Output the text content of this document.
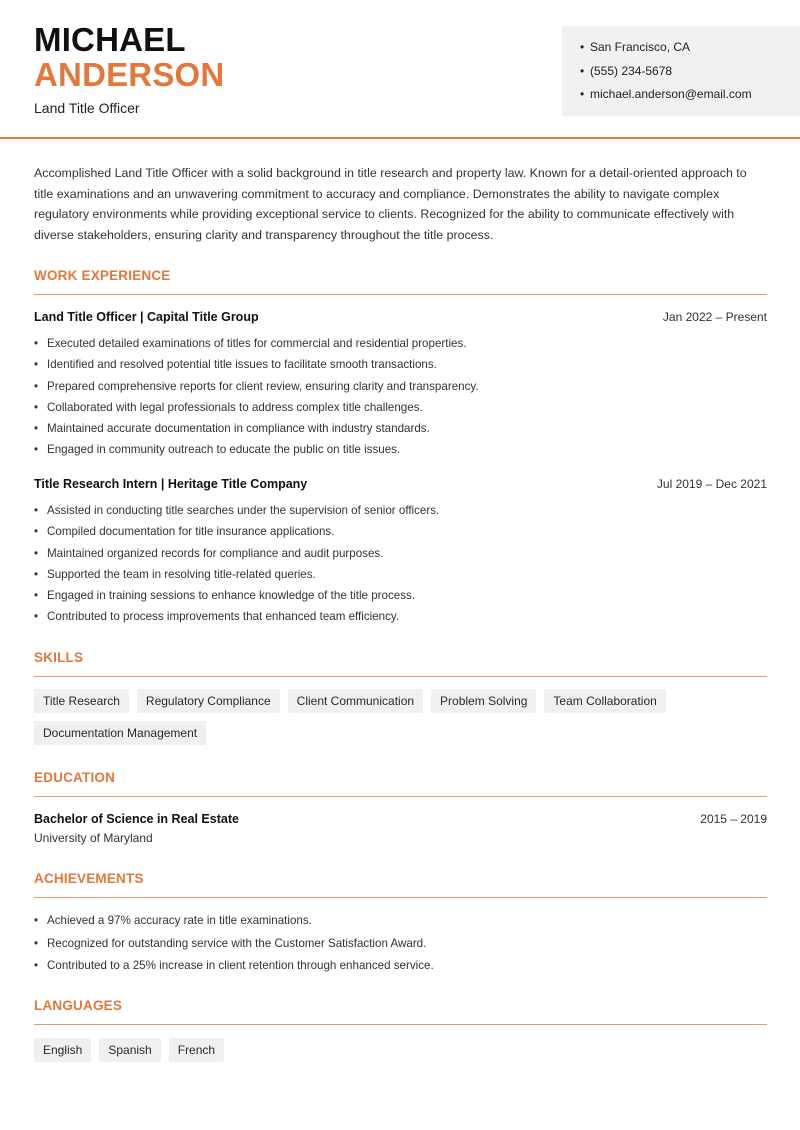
MICHAEL
ANDERSON
Land Title Officer
• San Francisco, CA
• (555) 234-5678
• michael.anderson@email.com
Accomplished Land Title Officer with a solid background in title research and property law. Known for a detail-oriented approach to title examinations and an unwavering commitment to accuracy and compliance. Demonstrates the ability to navigate complex regulatory environments while providing exceptional service to clients. Recognized for the ability to communicate effectively with diverse stakeholders, ensuring clarity and transparency throughout the title process.
WORK EXPERIENCE
Land Title Officer | Capital Title Group	Jan 2022 – Present
• Executed detailed examinations of titles for commercial and residential properties.
• Identified and resolved potential title issues to facilitate smooth transactions.
• Prepared comprehensive reports for client review, ensuring clarity and transparency.
• Collaborated with legal professionals to address complex title challenges.
• Maintained accurate documentation in compliance with industry standards.
• Engaged in community outreach to educate the public on title issues.
Title Research Intern | Heritage Title Company	Jul 2019 – Dec 2021
• Assisted in conducting title searches under the supervision of senior officers.
• Compiled documentation for title insurance applications.
• Maintained organized records for compliance and audit purposes.
• Supported the team in resolving title-related queries.
• Engaged in training sessions to enhance knowledge of the title process.
• Contributed to process improvements that enhanced team efficiency.
SKILLS
Title Research	Regulatory Compliance	Client Communication	Problem Solving	Team Collaboration
Documentation Management
EDUCATION
Bachelor of Science in Real Estate	2015 – 2019
University of Maryland
ACHIEVEMENTS
• Achieved a 97% accuracy rate in title examinations.
• Recognized for outstanding service with the Customer Satisfaction Award.
• Contributed to a 25% increase in client retention through enhanced service.
LANGUAGES
English	Spanish	French
